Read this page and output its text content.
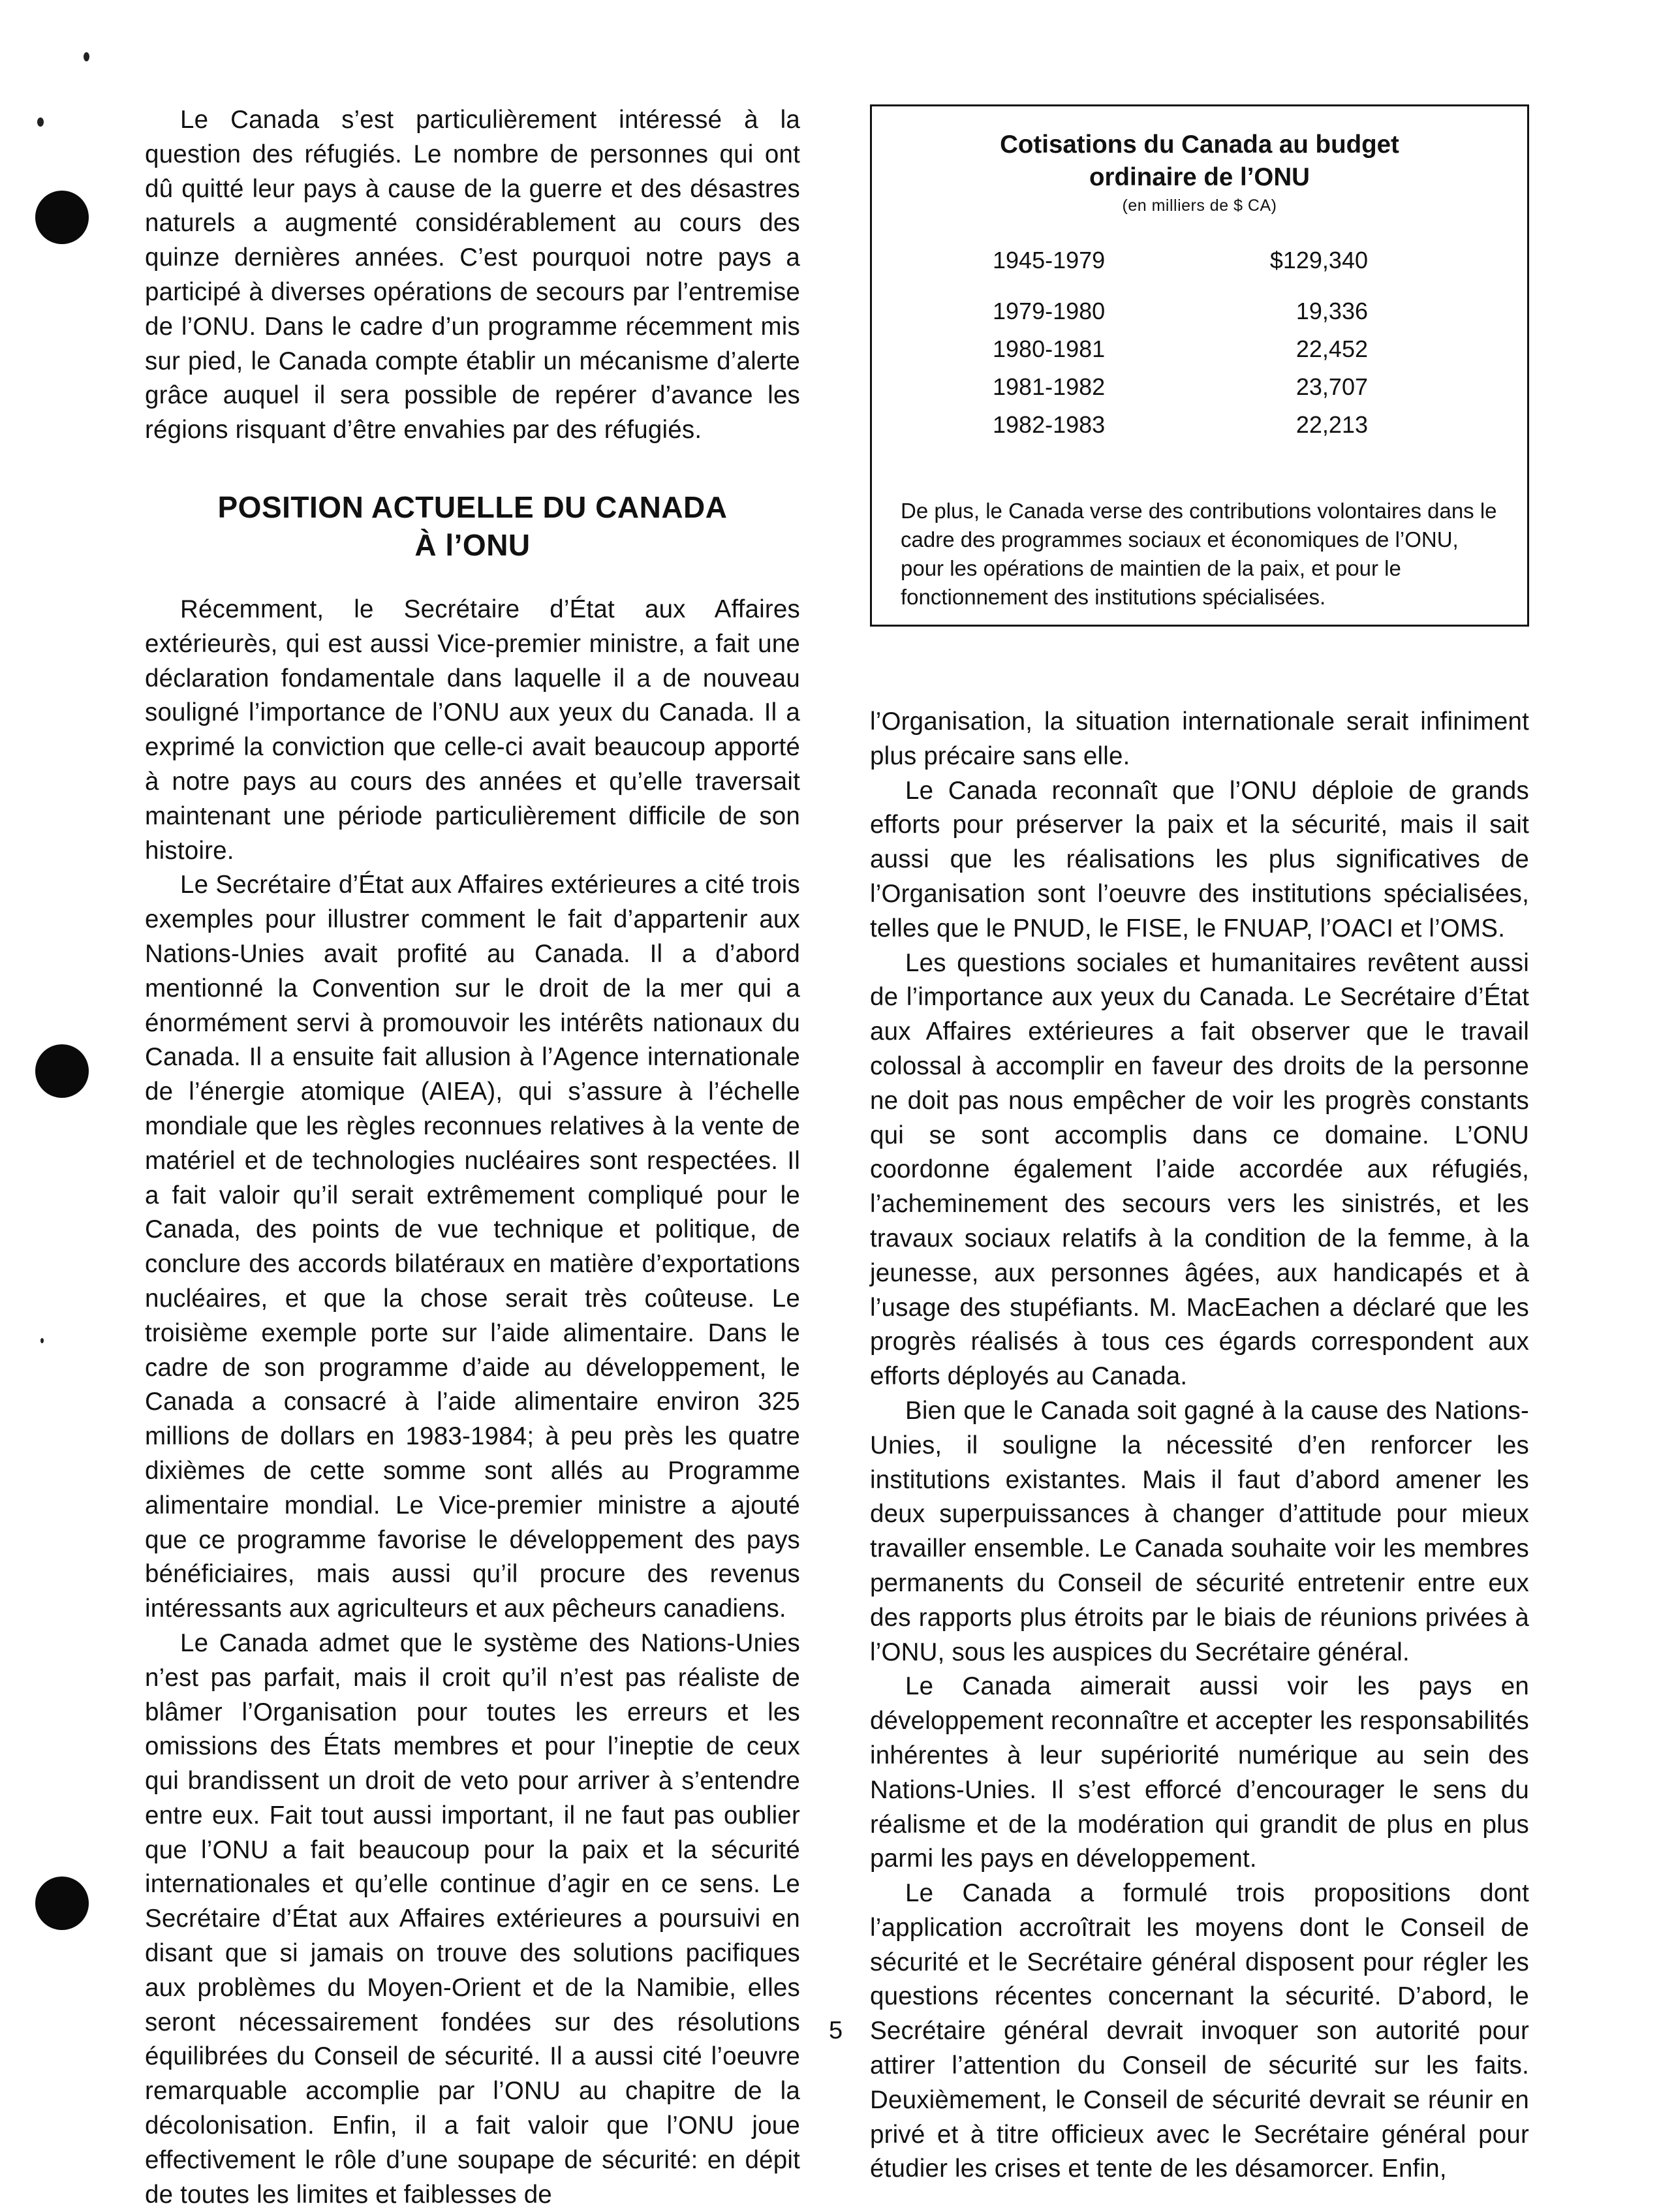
Le Canada s’est particulièrement intéressé à la question des réfugiés. Le nombre de personnes qui ont dû quitté leur pays à cause de la guerre et des désastres naturels a augmenté considérablement au cours des quinze dernières années. C’est pourquoi notre pays a participé à diverses opérations de secours par l’entremise de l’ONU. Dans le cadre d’un programme récemment mis sur pied, le Canada compte établir un mécanisme d’alerte grâce auquel il sera possible de repérer d’avance les régions risquant d’être envahies par des réfugiés.

POSITION ACTUELLE DU CANADA
À l’ONU

Récemment, le Secrétaire d’État aux Affaires extérieurès, qui est aussi Vice-premier ministre, a fait une déclaration fondamentale dans laquelle il a de nouveau souligné l’importance de l’ONU aux yeux du Canada. Il a exprimé la conviction que celle-ci avait beaucoup apporté à notre pays au cours des années et qu’elle traversait maintenant une période particulièrement difficile de son histoire.

Le Secrétaire d’État aux Affaires extérieures a cité trois exemples pour illustrer comment le fait d’appartenir aux Nations-Unies avait profité au Canada. Il a d’abord mentionné la Convention sur le droit de la mer qui a énormément servi à promouvoir les intérêts nationaux du Canada. Il a ensuite fait allusion à l’Agence internationale de l’énergie atomique (AIEA), qui s’assure à l’échelle mondiale que les règles reconnues relatives à la vente de matériel et de technologies nucléaires sont respectées. Il a fait valoir qu’il serait extrêmement compliqué pour le Canada, des points de vue technique et politique, de conclure des accords bilatéraux en matière d’exportations nucléaires, et que la chose serait très coûteuse. Le troisième exemple porte sur l’aide alimentaire. Dans le cadre de son programme d’aide au développement, le Canada a consacré à l’aide alimentaire environ 325 millions de dollars en 1983-1984; à peu près les quatre dixièmes de cette somme sont allés au Programme alimentaire mondial. Le Vice-premier ministre a ajouté que ce programme favorise le développement des pays bénéficiaires, mais aussi qu’il procure des revenus intéressants aux agriculteurs et aux pêcheurs canadiens.

Le Canada admet que le système des Nations-Unies n’est pas parfait, mais il croit qu’il n’est pas réaliste de blâmer l’Organisation pour toutes les erreurs et les omissions des États membres et pour l’ineptie de ceux qui brandissent un droit de veto pour arriver à s’entendre entre eux. Fait tout aussi important, il ne faut pas oublier que l’ONU a fait beaucoup pour la paix et la sécurité internationales et qu’elle continue d’agir en ce sens. Le Secrétaire d’État aux Affaires extérieures a poursuivi en disant que si jamais on trouve des solutions pacifiques aux problèmes du Moyen-Orient et de la Namibie, elles seront nécessairement fondées sur des résolutions équilibrées du Conseil de sécurité. Il a aussi cité l’oeuvre remarquable accomplie par l’ONU au chapitre de la décolonisation. Enfin, il a fait valoir que l’ONU joue effectivement le rôle d’une soupape de sécurité: en dépit de toutes les limites et faiblesses de

Cotisations du Canada au budget
ordinaire de l’ONU
(en milliers de $ CA)
1945-1979	$129,340
1979-1980	19,336
1980-1981	22,452
1981-1982	23,707
1982-1983	22,213
De plus, le Canada verse des contributions volontaires dans le cadre des programmes sociaux et économiques de l’ONU, pour les opérations de maintien de la paix, et pour le fonctionnement des institutions spécialisées.

l’Organisation, la situation internationale serait infiniment plus précaire sans elle.

Le Canada reconnaît que l’ONU déploie de grands efforts pour préserver la paix et la sécurité, mais il sait aussi que les réalisations les plus significatives de l’Organisation sont l’oeuvre des institutions spécialisées, telles que le PNUD, le FISE, le FNUAP, l’OACI et l’OMS.

Les questions sociales et humanitaires revêtent aussi de l’importance aux yeux du Canada. Le Secrétaire d’État aux Affaires extérieures a fait observer que le travail colossal à accomplir en faveur des droits de la personne ne doit pas nous empêcher de voir les progrès constants qui se sont accomplis dans ce domaine. L’ONU coordonne également l’aide accordée aux réfugiés, l’acheminement des secours vers les sinistrés, et les travaux sociaux relatifs à la condition de la femme, à la jeunesse, aux personnes âgées, aux handicapés et à l’usage des stupéfiants. M. MacEachen a déclaré que les progrès réalisés à tous ces égards correspondent aux efforts déployés au Canada.

Bien que le Canada soit gagné à la cause des Nations-Unies, il souligne la nécessité d’en renforcer les institutions existantes. Mais il faut d’abord amener les deux superpuissances à changer d’attitude pour mieux travailler ensemble. Le Canada souhaite voir les membres permanents du Conseil de sécurité entretenir entre eux des rapports plus étroits par le biais de réunions privées à l’ONU, sous les auspices du Secrétaire général.

Le Canada aimerait aussi voir les pays en développement reconnaître et accepter les responsabilités inhérentes à leur supériorité numérique au sein des Nations-Unies. Il s’est efforcé d’encourager le sens du réalisme et de la modération qui grandit de plus en plus parmi les pays en développement.

Le Canada a formulé trois propositions dont l’application accroîtrait les moyens dont le Conseil de sécurité et le Secrétaire général disposent pour régler les questions récentes concernant la sécurité. D’abord, le Secrétaire général devrait invoquer son autorité pour attirer l’attention du Conseil de sécurité sur les faits. Deuxièmement, le Conseil de sécurité devrait se réunir en privé et à titre officieux avec le Secrétaire général pour étudier les crises et tente de les désamorcer. Enfin,

5
